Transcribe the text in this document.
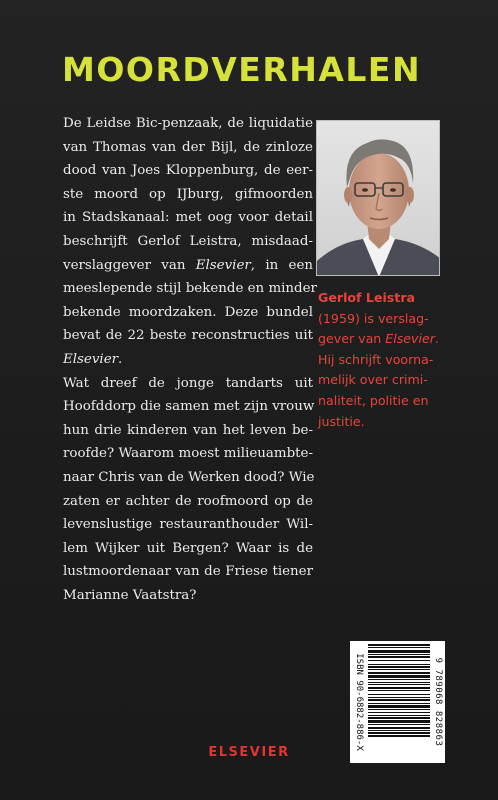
MOORDVERHALEN
De Leidse Bic-penzaak, de liquidatie
van Thomas van der Bijl, de zinloze
dood van Joes Kloppenburg, de eer-
ste moord op IJburg, gifmoorden
in Stadskanaal: met oog voor detail
beschrijft Gerlof Leistra, misdaad-
verslaggever van Elsevier, in een
meeslepende stijl bekende en minder
bekende moordzaken. Deze bundel
bevat de 22 beste reconstructies uit
Elsevier.
Wat dreef de jonge tandarts uit
Hoofddorp die samen met zijn vrouw
hun drie kinderen van het leven be-
roofde? Waarom moest milieuambte-
naar Chris van de Werken dood? Wie
zaten er achter de roofmoord op de
levenslustige restauranthouder Wil-
lem Wijker uit Bergen? Waar is de
lustmoordenaar van de Friese tiener
Marianne Vaatstra?
Gerlof Leistra
(1959) is verslag-
gever van Elsevier.
Hij schrijft voorna-
melijk over crimi-
naliteit, politie en
justitie.
ISBN 90-6882-886-X	9 789068 828863
ELSEVIER
